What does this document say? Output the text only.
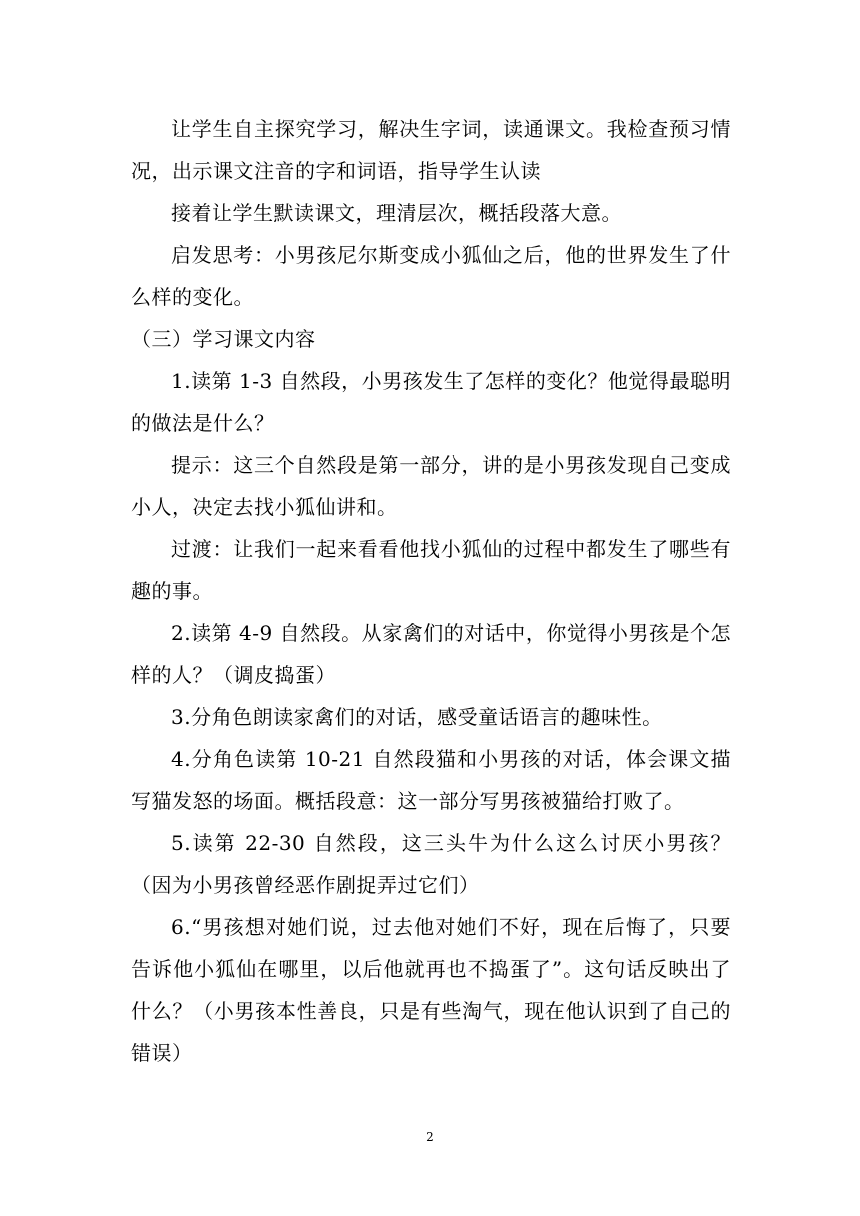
让学生自主探究学习，解决生字词，读通课文。我检查预习情况，出示课文注音的字和词语，指导学生认读

接着让学生默读课文，理清层次，概括段落大意。

启发思考：小男孩尼尔斯变成小狐仙之后，他的世界发生了什么样的变化。

（三）学习课文内容

1.读第 1-3 自然段，小男孩发生了怎样的变化？他觉得最聪明的做法是什么？

提示：这三个自然段是第一部分，讲的是小男孩发现自己变成小人，决定去找小狐仙讲和。

过渡：让我们一起来看看他找小狐仙的过程中都发生了哪些有趣的事。

2.读第 4-9 自然段。从家禽们的对话中，你觉得小男孩是个怎样的人？（调皮捣蛋）

3.分角色朗读家禽们的对话，感受童话语言的趣味性。

4.分角色读第 10-21 自然段猫和小男孩的对话，体会课文描写猫发怒的场面。概括段意：这一部分写男孩被猫给打败了。

5.读第 22-30 自然段，这三头牛为什么这么讨厌小男孩？（因为小男孩曾经恶作剧捉弄过它们）

6.“男孩想对她们说，过去他对她们不好，现在后悔了，只要告诉他小狐仙在哪里，以后他就再也不捣蛋了”。这句话反映出了什么？（小男孩本性善良，只是有些淘气，现在他认识到了自己的错误）

2
